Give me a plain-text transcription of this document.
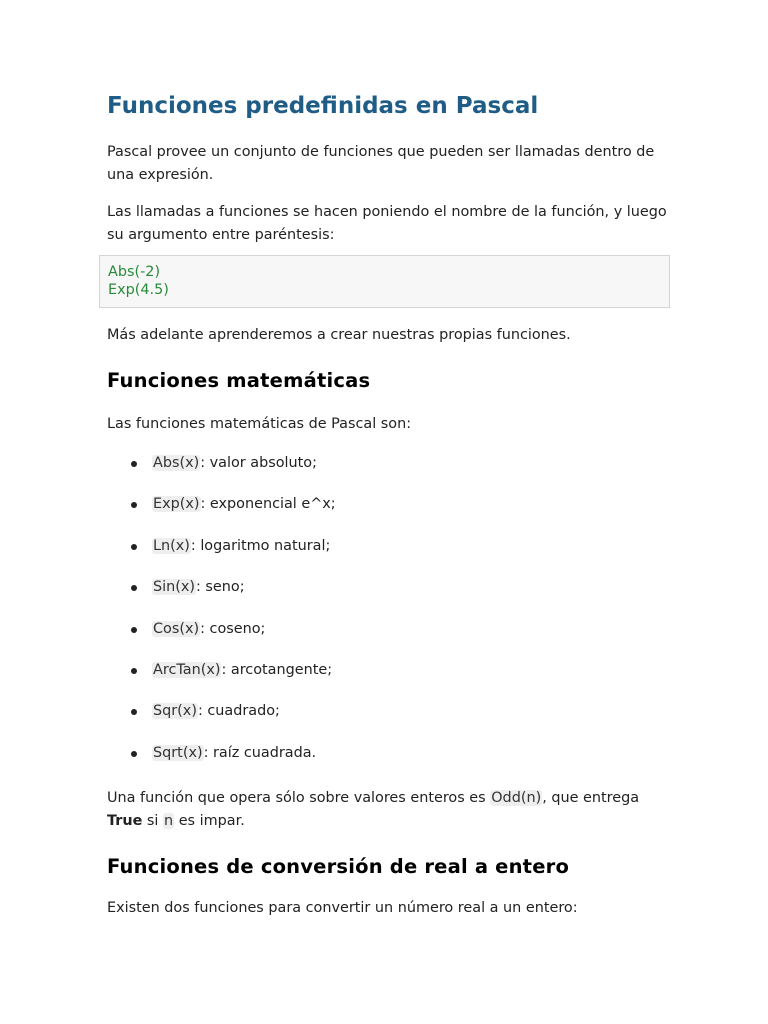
Funciones predefinidas en Pascal

Pascal provee un conjunto de funciones que pueden ser llamadas dentro de una expresión.

Las llamadas a funciones se hacen poniendo el nombre de la función, y luego su argumento entre paréntesis:

Abs(-2)
Exp(4.5)

Más adelante aprenderemos a crear nuestras propias funciones.

Funciones matemáticas

Las funciones matemáticas de Pascal son:

Abs(x): valor absoluto;
Exp(x): exponencial e^x;
Ln(x): logaritmo natural;
Sin(x): seno;
Cos(x): coseno;
ArcTan(x): arcotangente;
Sqr(x): cuadrado;
Sqrt(x): raíz cuadrada.

Una función que opera sólo sobre valores enteros es Odd(n), que entrega True si n es impar.

Funciones de conversión de real a entero

Existen dos funciones para convertir un número real a un entero:
